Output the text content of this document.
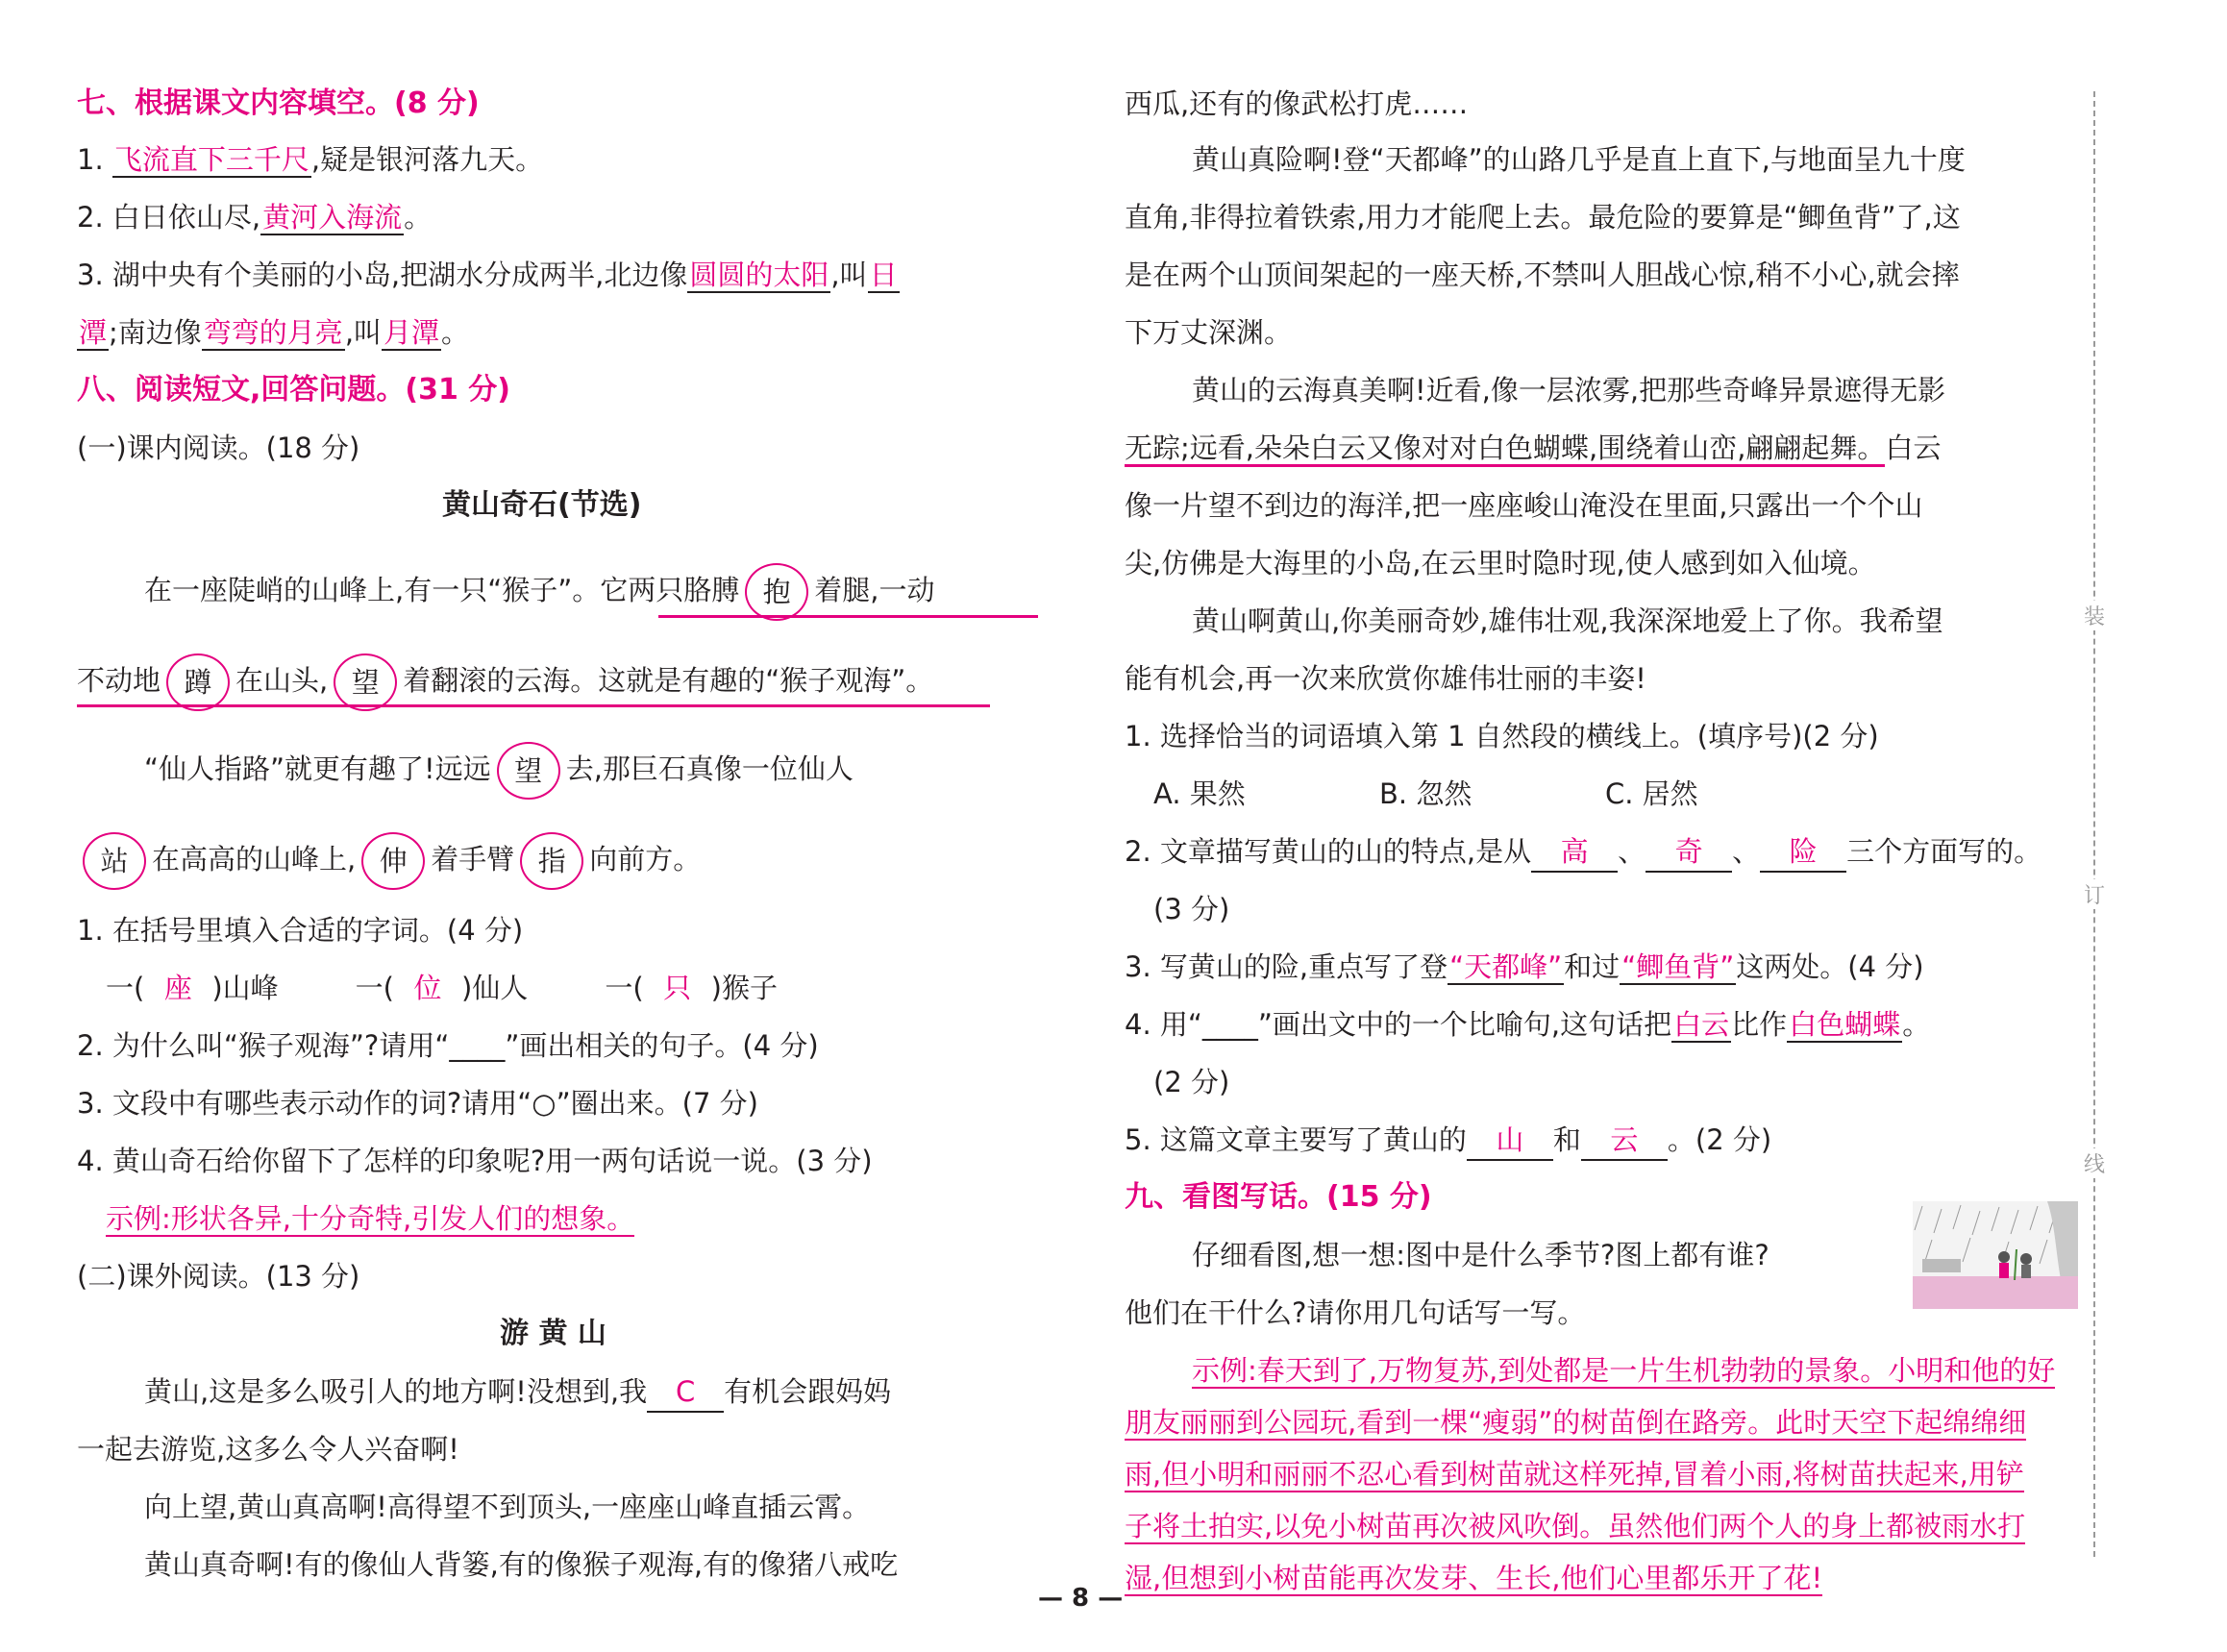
七、根据课文内容填空。(8 分)
1. 飞流直下三千尺,疑是银河落九天。
2. 白日依山尽,黄河入海流。
3. 湖中央有个美丽的小岛,把湖水分成两半,北边像圆圆的太阳,叫日
潭;南边像弯弯的月亮,叫月潭。
八、阅读短文,回答问题。(31 分)
(一)课内阅读。(18 分)
黄山奇石(节选)
在一座陡峭的山峰上,有一只“猴子”。它两只胳膊 抱 着腿,一动
不动地 蹲 在山头, 望 着翻滚的云海。这就是有趣的“猴子观海”。
“仙人指路”就更有趣了!远远 望 去,那巨石真像一位仙人
站 在高高的山峰上, 伸 着手臂 指 向前方。
1. 在括号里填入合适的字词。(4 分)
一( 座 )山峰	一( 位 )仙人	一( 只 )猴子
2. 为什么叫“猴子观海”?请用“____”画出相关的句子。(4 分)
3. 文段中有哪些表示动作的词?请用“○”圈出来。(7 分)
4. 黄山奇石给你留下了怎样的印象呢?用一两句话说一说。(3 分)
示例:形状各异,十分奇特,引发人们的想象。
(二)课外阅读。(13 分)
游 黄 山
黄山,这是多么吸引人的地方啊!没想到,我 C 有机会跟妈妈
一起去游览,这多么令人兴奋啊!
向上望,黄山真高啊!高得望不到顶头,一座座山峰直插云霄。
黄山真奇啊!有的像仙人背篓,有的像猴子观海,有的像猪八戒吃
西瓜,还有的像武松打虎……
黄山真险啊!登“天都峰”的山路几乎是直上直下,与地面呈九十度
直角,非得拉着铁索,用力才能爬上去。最危险的要算是“鲫鱼背”了,这
是在两个山顶间架起的一座天桥,不禁叫人胆战心惊,稍不小心,就会摔
下万丈深渊。
黄山的云海真美啊!近看,像一层浓雾,把那些奇峰异景遮得无影
无踪;远看,朵朵白云又像对对白色蝴蝶,围绕着山峦,翩翩起舞。白云
像一片望不到边的海洋,把一座座峻山淹没在里面,只露出一个个山
尖,仿佛是大海里的小岛,在云里时隐时现,使人感到如入仙境。
黄山啊黄山,你美丽奇妙,雄伟壮观,我深深地爱上了你。我希望
能有机会,再一次来欣赏你雄伟壮丽的丰姿!
1. 选择恰当的词语填入第 1 自然段的横线上。(填序号)(2 分)
A. 果然	B. 忽然	C. 居然
2. 文章描写黄山的山的特点,是从 高 、 奇 、 险 三个方面写的。
(3 分)
3. 写黄山的险,重点写了登“天都峰”和过“鲫鱼背”这两处。(4 分)
4. 用“____”画出文中的一个比喻句,这句话把白云比作白色蝴蝶。
(2 分)
5. 这篇文章主要写了黄山的 山 和 云 。(2 分)
九、看图写话。(15 分)
仔细看图,想一想:图中是什么季节?图上都有谁?
他们在干什么?请你用几句话写一写。
示例:春天到了,万物复苏,到处都是一片生机勃勃的景象。小明和他的好
朋友丽丽到公园玩,看到一棵“瘦弱”的树苗倒在路旁。此时天空下起绵绵细
雨,但小明和丽丽不忍心看到树苗就这样死掉,冒着小雨,将树苗扶起来,用铲
子将土拍实,以免小树苗再次被风吹倒。虽然他们两个人的身上都被雨水打
湿,但想到小树苗能再次发芽、生长,他们心里都乐开了花!
装
订
线
— 8 —
